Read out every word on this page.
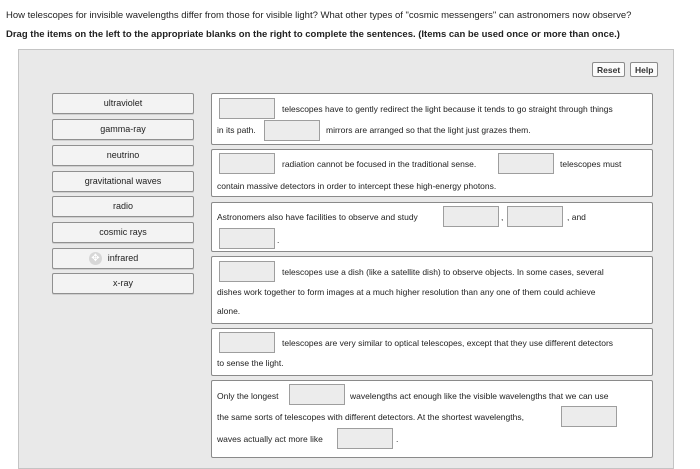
How telescopes for invisible wavelengths differ from those for visible light? What other types of "cosmic messengers" can astronomers now observe?
Drag the items on the left to the appropriate blanks on the right to complete the sentences. (Items can be used once or more than once.)
Reset	Help
ultraviolet
gamma-ray
neutrino
gravitational waves
radio
cosmic rays
✥ infrared
x-ray
telescopes have to gently redirect the light because it tends to go straight through things
in its path.	mirrors are arranged so that the light just grazes them.
radiation cannot be focused in the traditional sense.	telescopes must
contain massive detectors in order to intercept these high-energy photons.
Astronomers also have facilities to observe and study	,	, and
.
telescopes use a dish (like a satellite dish) to observe objects. In some cases, several
dishes work together to form images at a much higher resolution than any one of them could achieve
alone.
telescopes are very similar to optical telescopes, except that they use different detectors
to sense the light.
Only the longest	wavelengths act enough like the visible wavelengths that we can use
the same sorts of telescopes with different detectors. At the shortest wavelengths,
waves actually act more like	.
